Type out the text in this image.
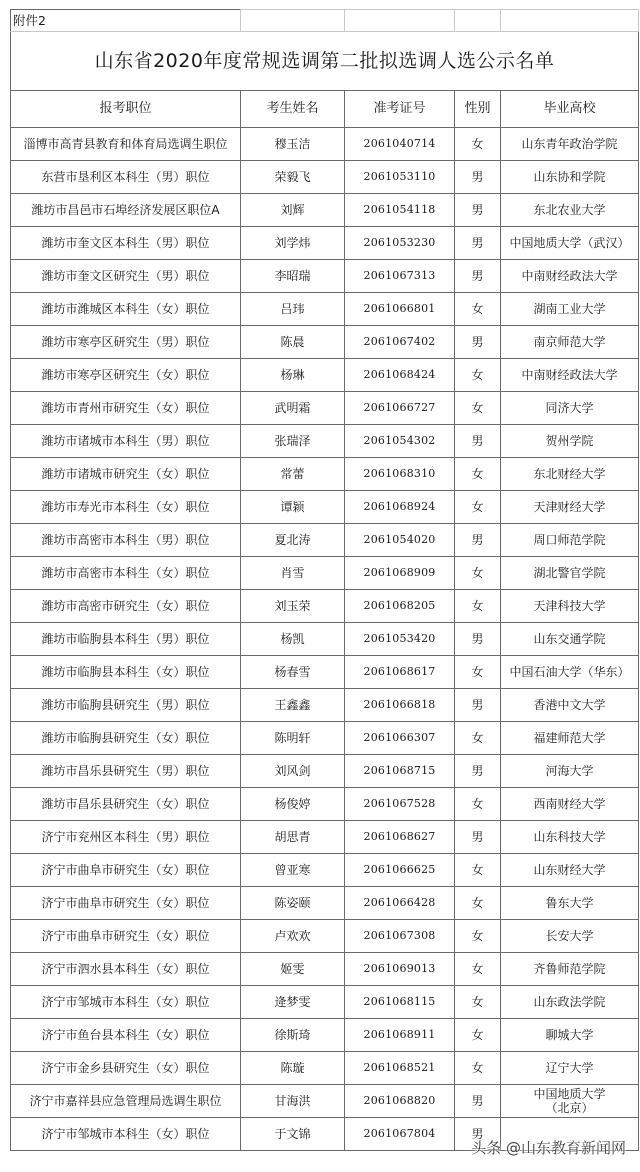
附件2				
山东省2020年度常规选调第二批拟选调人选公示名单				
报考职位	考生姓名	准考证号	性别	毕业高校
淄博市高青县教育和体育局选调生职位	穆玉洁	2061040714	女	山东青年政治学院
东营市垦利区本科生（男）职位	荣毅飞	2061053110	男	山东协和学院
潍坊市昌邑市石埠经济发展区职位A	刘辉	2061054118	男	东北农业大学
潍坊市奎文区本科生（男）职位	刘学炜	2061053230	男	中国地质大学（武汉）
潍坊市奎文区研究生（男）职位	李昭瑞	2061067313	男	中南财经政法大学
潍坊市潍城区本科生（女）职位	吕玮	2061066801	女	湖南工业大学
潍坊市寒亭区研究生（男）职位	陈晨	2061067402	男	南京师范大学
潍坊市寒亭区研究生（女）职位	杨琳	2061068424	女	中南财经政法大学
潍坊市青州市研究生（女）职位	武明霜	2061066727	女	同济大学
潍坊市诸城市本科生（男）职位	张瑞泽	2061054302	男	贺州学院
潍坊市诸城市研究生（女）职位	常蕾	2061068310	女	东北财经大学
潍坊市寿光市本科生（女）职位	谭颖	2061068924	女	天津财经大学
潍坊市高密市本科生（男）职位	夏北涛	2061054020	男	周口师范学院
潍坊市高密市本科生（女）职位	肖雪	2061068909	女	湖北警官学院
潍坊市高密市研究生（女）职位	刘玉荣	2061068205	女	天津科技大学
潍坊市临朐县本科生（男）职位	杨凯	2061053420	男	山东交通学院
潍坊市临朐县本科生（女）职位	杨春雪	2061068617	女	中国石油大学（华东）
潍坊市临朐县研究生（男）职位	王鑫鑫	2061066818	男	香港中文大学
潍坊市临朐县研究生（女）职位	陈明轩	2061066307	女	福建师范大学
潍坊市昌乐县研究生（男）职位	刘风剑	2061068715	男	河海大学
潍坊市昌乐县研究生（女）职位	杨俊婷	2061067528	女	西南财经大学
济宁市兖州区本科生（男）职位	胡思青	2061068627	男	山东科技大学
济宁市曲阜市研究生（女）职位	曾亚寒	2061066625	女	山东财经大学
济宁市曲阜市研究生（女）职位	陈姿颐	2061066428	女	鲁东大学
济宁市曲阜市研究生（女）职位	卢欢欢	2061067308	女	长安大学
济宁市泗水县本科生（女）职位	姬雯	2061069013	女	齐鲁师范学院
济宁市邹城市本科生（女）职位	逄梦雯	2061068115	女	山东政法学院
济宁市鱼台县本科生（女）职位	徐斯琦	2061068911	女	聊城大学
济宁市金乡县研究生（女）职位	陈璇	2061068521	女	辽宁大学
济宁市嘉祥县应急管理局选调生职位	甘海洪	2061068820	男	中国地质大学
（北京）
济宁市邹城市本科生（女）职位	于文锦	2061067804	男	
头条 @山东教育新闻网
